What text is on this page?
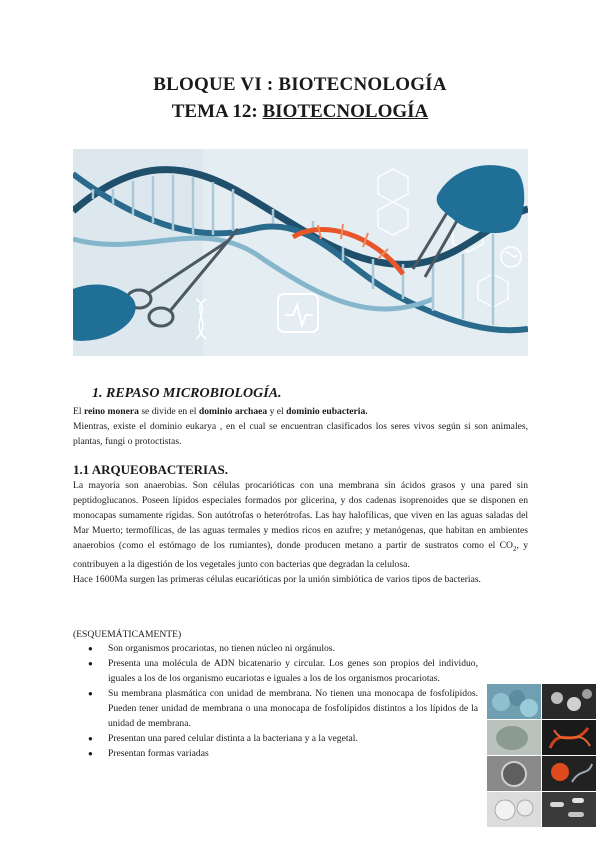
BLOQUE VI : BIOTECNOLOGÍA
TEMA 12: BIOTECNOLOGÍA
1. REPASO MICROBIOLOGÍA.
El reino monera se divide en el dominio archaea y el dominio eubacteria.
Mientras, existe el dominio eukarya , en el cual se encuentran clasificados los seres vivos según si son animales, plantas, fungi o protoctistas.
1.1 ARQUEOBACTERIAS.
La mayoría son anaerobias. Son células procarióticas con una membrana sin ácidos grasos y una pared sin peptidoglucanos. Poseen lípidos especiales formados por glicerina, y dos cadenas isoprenoides que se disponen en monocapas sumamente rígidas. Son autótrofas o heterótrofas. Las hay halofílicas, que viven en las aguas saladas del Mar Muerto; termofílicas, de las aguas termales y medios ricos en azufre; y metanógenas, que habitan en ambientes anaerobios (como el estómago de los rumiantes), donde producen metano a partir de sustratos como el $CO_2$, y contribuyen a la digestión de los vegetales junto con bacterias que degradan la celulosa.
Hace 1600Ma surgen las primeras células eucarióticas por la unión simbiótica de varios tipos de bacterias.
(ESQUEMÁTICAMENTE)
● Son organismos procariotas, no tienen núcleo ni orgánulos.
● Presenta una molécula de ADN bicatenario y circular. Los genes son propios del individuo, iguales a los de los organismo eucariotas e iguales a los de los organismos procariotas.
● Su membrana plasmática con unidad de membrana. No tienen una monocapa de fosfolípidos. Pueden tener unidad de membrana o una monocapa de fosfolípidos distintos a los lípidos de la unidad de membrana.
● Presentan una pared celular distinta a la bacteriana y a la vegetal.
● Presentan formas variadas
